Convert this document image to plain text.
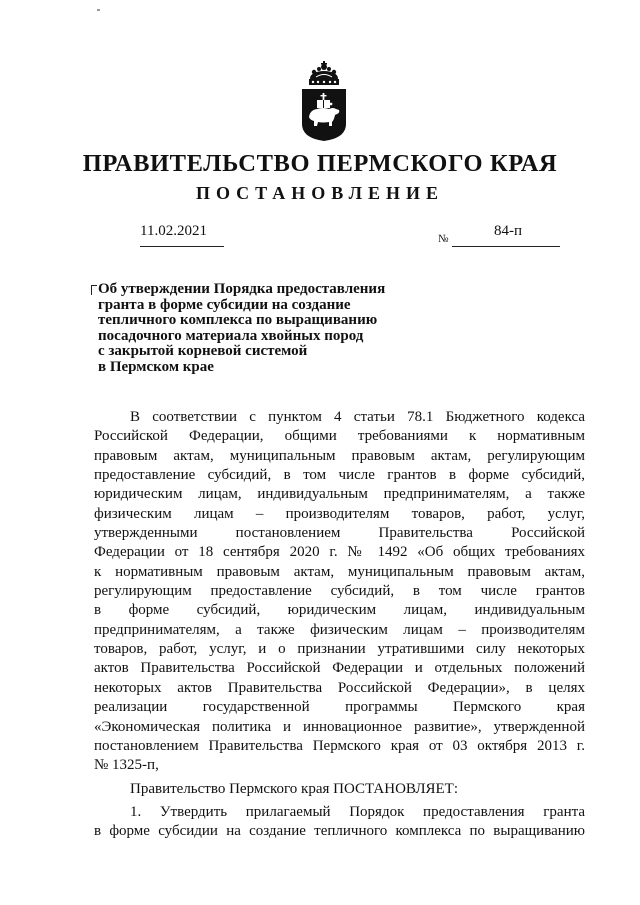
ПРАВИТЕЛЬСТВО ПЕРМСКОГО КРАЯ
ПОСТАНОВЛЕНИЕ
11.02.2021	№	84-п
Об утверждении Порядка предоставления
гранта в форме субсидии на создание
тепличного комплекса по выращиванию
посадочного материала хвойных пород
с закрытой корневой системой
в Пермском крае
В соответствии с пунктом 4 статьи 78.1 Бюджетного кодекса
Российской Федерации, общими требованиями к нормативным
правовым актам, муниципальным правовым актам, регулирующим
предоставление субсидий, в том числе грантов в форме субсидий,
юридическим лицам, индивидуальным предпринимателям, а также
физическим лицам – производителям товаров, работ, услуг,
утвержденными постановлением Правительства Российской
Федерации от 18 сентября 2020 г. № 1492 «Об общих требованиях
к нормативным правовым актам, муниципальным правовым актам,
регулирующим предоставление субсидий, в том числе грантов
в форме субсидий, юридическим лицам, индивидуальным
предпринимателям, а также физическим лицам – производителям
товаров, работ, услуг, и о признании утратившими силу некоторых
актов Правительства Российской Федерации и отдельных положений
некоторых актов Правительства Российской Федерации», в целях
реализации государственной программы Пермского края
«Экономическая политика и инновационное развитие», утвержденной
постановлением Правительства Пермского края от 03 октября 2013 г.
№ 1325-п,
Правительство Пермского края ПОСТАНОВЛЯЕТ:
1. Утвердить прилагаемый Порядок предоставления гранта
в форме субсидии на создание тепличного комплекса по выращиванию
